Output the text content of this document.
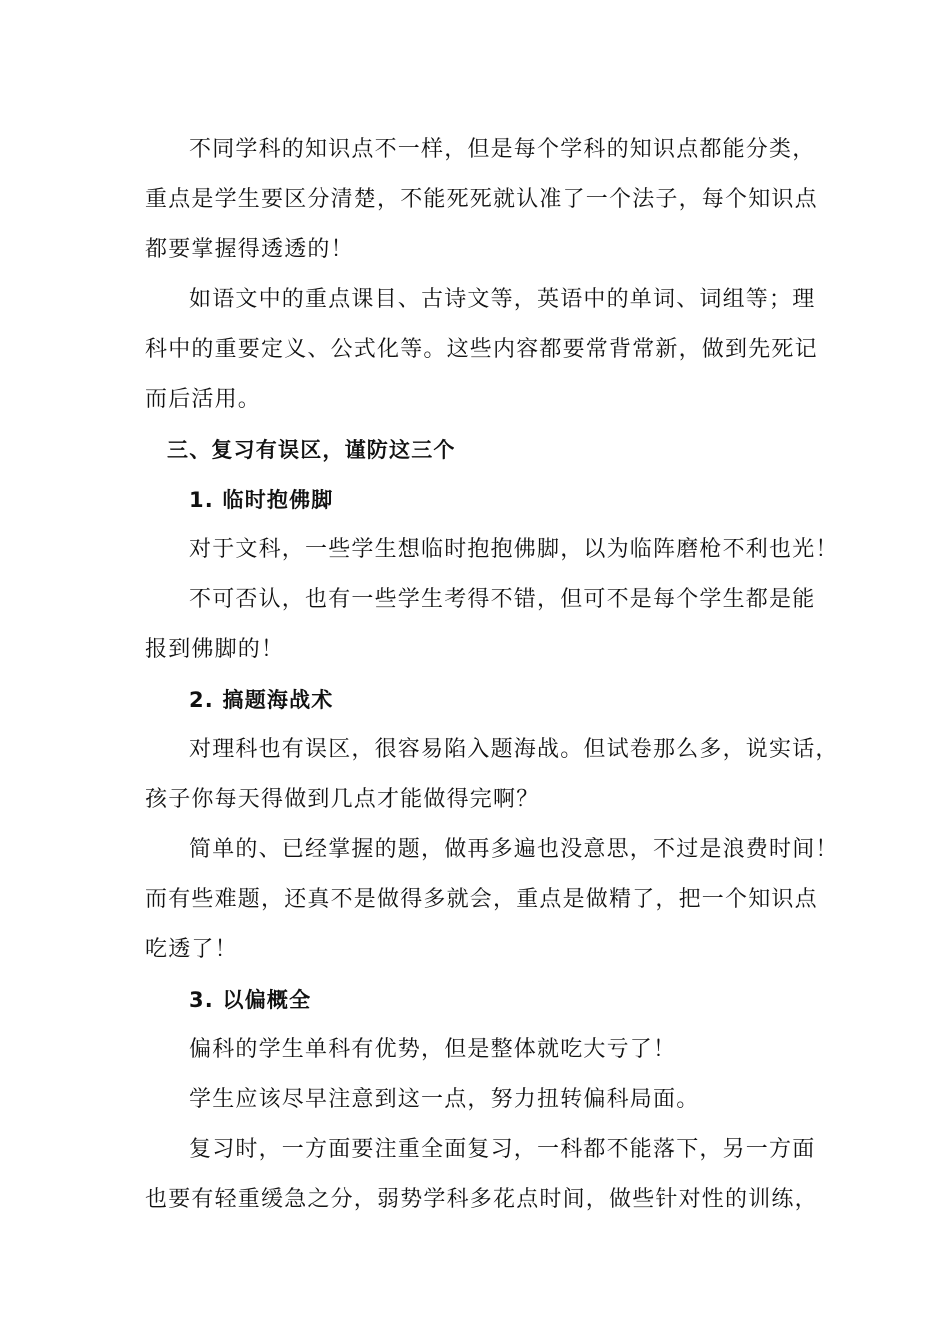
不同学科的知识点不一样，但是每个学科的知识点都能分类，
重点是学生要区分清楚，不能死死就认准了一个法子，每个知识点
都要掌握得透透的！
如语文中的重点课目、古诗文等，英语中的单词、词组等；理
科中的重要定义、公式化等。这些内容都要常背常新，做到先死记
而后活用。
三、复习有误区，谨防这三个
1. 临时抱佛脚
对于文科，一些学生想临时抱抱佛脚，以为临阵磨枪不利也光！
不可否认，也有一些学生考得不错，但可不是每个学生都是能
报到佛脚的！
2. 搞题海战术
对理科也有误区，很容易陷入题海战。但试卷那么多，说实话，
孩子你每天得做到几点才能做得完啊？
简单的、已经掌握的题，做再多遍也没意思，不过是浪费时间！
而有些难题，还真不是做得多就会，重点是做精了，把一个知识点
吃透了！
3. 以偏概全
偏科的学生单科有优势，但是整体就吃大亏了！
学生应该尽早注意到这一点，努力扭转偏科局面。
复习时，一方面要注重全面复习，一科都不能落下，另一方面
也要有轻重缓急之分，弱势学科多花点时间，做些针对性的训练，
